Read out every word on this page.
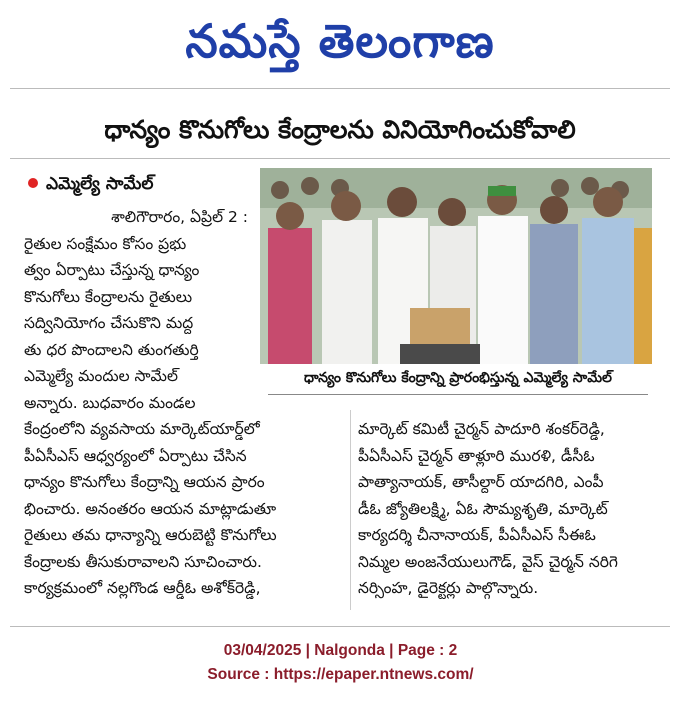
నమస్తే తెలంగాణ
ధాన్యం కొనుగోలు కేంద్రాలను వినియోగించుకోవాలి
ఎమ్మెల్యే సామేల్

శాలిగౌరారం, ఏప్రిల్ 2 :

రైతుల సంక్షేమం కోసం ప్రభు

త్వం ఏర్పాటు చేస్తున్న ధాన్యం

కొనుగోలు కేంద్రాలను రైతులు

సద్వినియోగం చేసుకొని మద్ద

తు ధర పొందాలని తుంగతుర్తి

ఎమ్మెల్యే మందుల సామేల్

అన్నారు. బుధవారం మండల

ధాన్యం కొనుగోలు కేంద్రాన్ని ప్రారంభిస్తున్న ఎమ్మెల్యే సామేల్

కేంద్రంలోని వ్యవసాయ మార్కెట్‌యార్డ్‌లో

పీఏసీఎస్ ఆధ్వర్యంలో ఏర్పాటు చేసిన

ధాన్యం కొనుగోలు కేంద్రాన్ని ఆయన ప్రారం

భించారు. అనంతరం ఆయన మాట్లాడుతూ

రైతులు తమ ధాన్యాన్ని ఆరుబెట్టి కొనుగోలు

కేంద్రాలకు తీసుకురావాలని సూచించారు.

కార్యక్రమంలో నల్లగొండ ఆర్డీఓ అశోక్‌రెడ్డి,

మార్కెట్ కమిటీ చైర్మన్ పాదూరి శంకర్‌రెడ్డి,

పీఏసీఎస్ చైర్మన్ తాళ్లూరి మురళి, డీసీఓ

పాత్యానాయక్, తాసీల్దార్ యాదగిరి, ఎంపీ

డీఓ జ్యోతిలక్ష్మి, ఏఓ సౌమ్యశృతి, మార్కెట్

కార్యదర్శి చీనానాయక్, పీఏసీఎస్ సీఈఓ

నిమ్మల అంజనేయులుగౌడ్, వైస్ చైర్మన్ నరిగె

నర్సింహ, డైరెక్టర్లు పాల్గొన్నారు.

03/04/2025 | Nalgonda | Page : 2
Source : https://epaper.ntnews.com/
